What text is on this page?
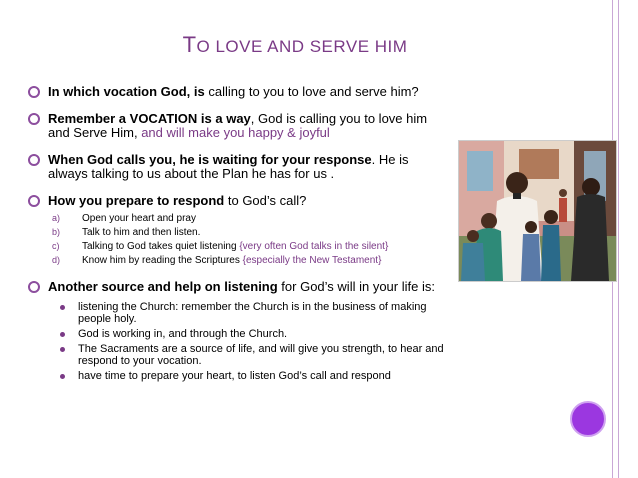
TO LOVE AND SERVE HIM
In which vocation God, is calling to you to love and serve him?
Remember a VOCATION is a way, God is calling you to love him and Serve Him, and will make you happy & joyful
When God calls you, he is waiting for your response. He is always talking to us about the Plan he has for us .
How you prepare to respond to God’s call?
a) Open your heart and pray
b) Talk to him and then listen.
c) Talking to God takes quiet listening {very often God talks in the silent}
d) Know him by reading the Scriptures {especially the New Testament}
Another source and help on listening for God’s will in your life is:
listening the Church: remember the Church is in the business of making people holy.
God is working in, and through the Church.
The Sacraments are a source of life, and will give you strength, to hear and respond to your vocation.
have time to prepare your heart, to listen God’s call and respond
